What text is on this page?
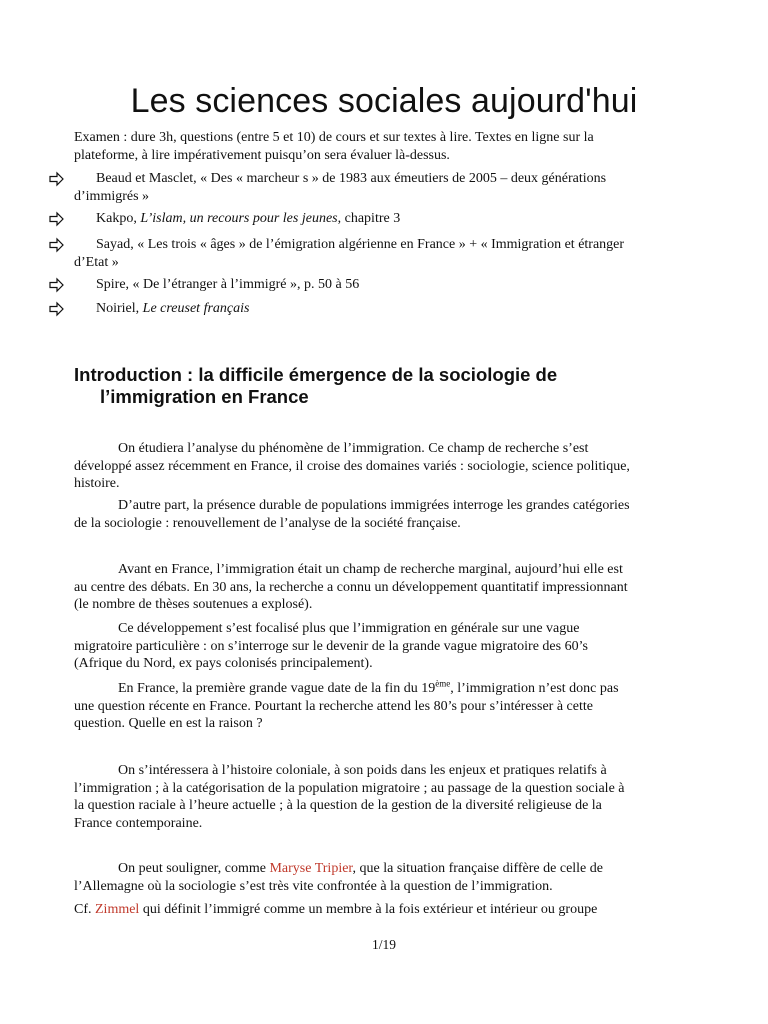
Les sciences sociales aujourd'hui

Examen : dure 3h, questions (entre 5 et 10) de cours et sur textes à lire. Textes en ligne sur la
plateforme, à lire impérativement puisqu’on sera évaluer là-dessus.

Beaud et Masclet, « Des « marcheur s » de 1983 aux émeutiers de 2005 – deux générations
d’immigrés »
Kakpo, L’islam, un recours pour les jeunes, chapitre 3
Sayad, « Les trois « âges » de l’émigration algérienne en France » + « Immigration et étranger
d’Etat »
Spire, « De l’étranger à l’immigré », p. 50 à 56
Noiriel, Le creuset français
Introduction : la difficile émergence de la sociologie de
l’immigration en France

On étudiera l’analyse du phénomène de l’immigration. Ce champ de recherche s’est
développé assez récemment en France, il croise des domaines variés : sociologie, science politique,
histoire.

D’autre part, la présence durable de populations immigrées interroge les grandes catégories
de la sociologie : renouvellement de l’analyse de la société française.

Avant en France, l’immigration était un champ de recherche marginal, aujourd’hui elle est
au centre des débats. En 30 ans, la recherche a connu un développement quantitatif impressionnant
(le nombre de thèses soutenues a explosé).

Ce développement s’est focalisé plus que l’immigration en générale sur une vague
migratoire particulière : on s’interroge sur le devenir de la grande vague migratoire des 60’s
(Afrique du Nord, ex pays colonisés principalement).

En France, la première grande vague date de la fin du 19ème, l’immigration n’est donc pas
une question récente en France. Pourtant la recherche attend les 80’s pour s’intéresser à cette
question. Quelle en est la raison ?

On s’intéressera à l’histoire coloniale, à son poids dans les enjeux et pratiques relatifs à
l’immigration ; à la catégorisation de la population migratoire ; au passage de la question sociale à
la question raciale à l’heure actuelle ; à la question de la gestion de la diversité religieuse de la
France contemporaine.

On peut souligner, comme Maryse Tripier, que la situation française diffère de celle de
l’Allemagne où la sociologie s’est très vite confrontée à la question de l’immigration.

Cf. Zimmel qui définit l’immigré comme un membre à la fois extérieur et intérieur ou groupe

1/19
